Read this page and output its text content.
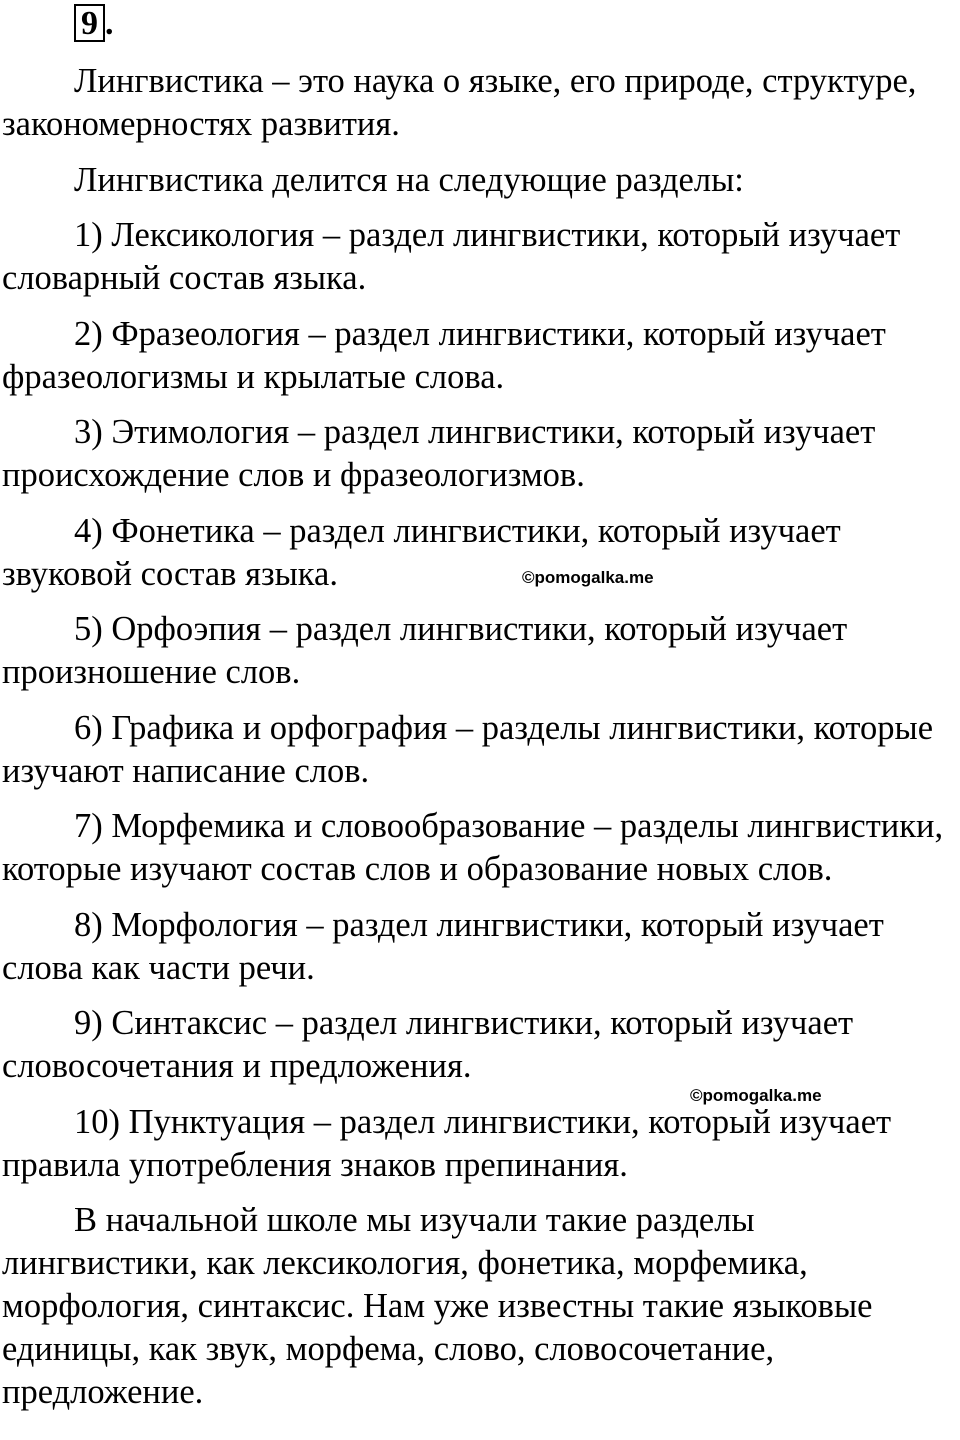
9 .

Лингвистика – это наука о языке, его природе, структуре, закономерностях развития.

Лингвистика делится на следующие разделы:

1) Лексикология – раздел лингвистики, который изучает словарный состав языка.

2) Фразеология – раздел лингвистики, который изучает фразеологизмы и крылатые слова.

3) Этимология – раздел лингвистики, который изучает происхождение слов и фразеологизмов.

4) Фонетика – раздел лингвистики, который изучает звуковой состав языка.

5) Орфоэпия – раздел лингвистики, который изучает произношение слов.

6) Графика и орфография – разделы лингвистики, которые изучают написание слов.

7) Морфемика и словообразование – разделы лингвистики, которые изучают состав слов и образование новых слов.

8) Морфология – раздел лингвистики, который изучает слова как части речи.

9) Синтаксис – раздел лингвистики, который изучает словосочетания и предложения.

10) Пунктуация – раздел лингвистики, который изучает правила употребления знаков препинания.

В начальной школе мы изучали такие разделы лингвистики, как лексикология, фонетика, морфемика, морфология, синтаксис. Нам уже известны такие языковые единицы, как звук, морфема, слово, словосочетание, предложение.

©pomogalka.me
©pomogalka.me
